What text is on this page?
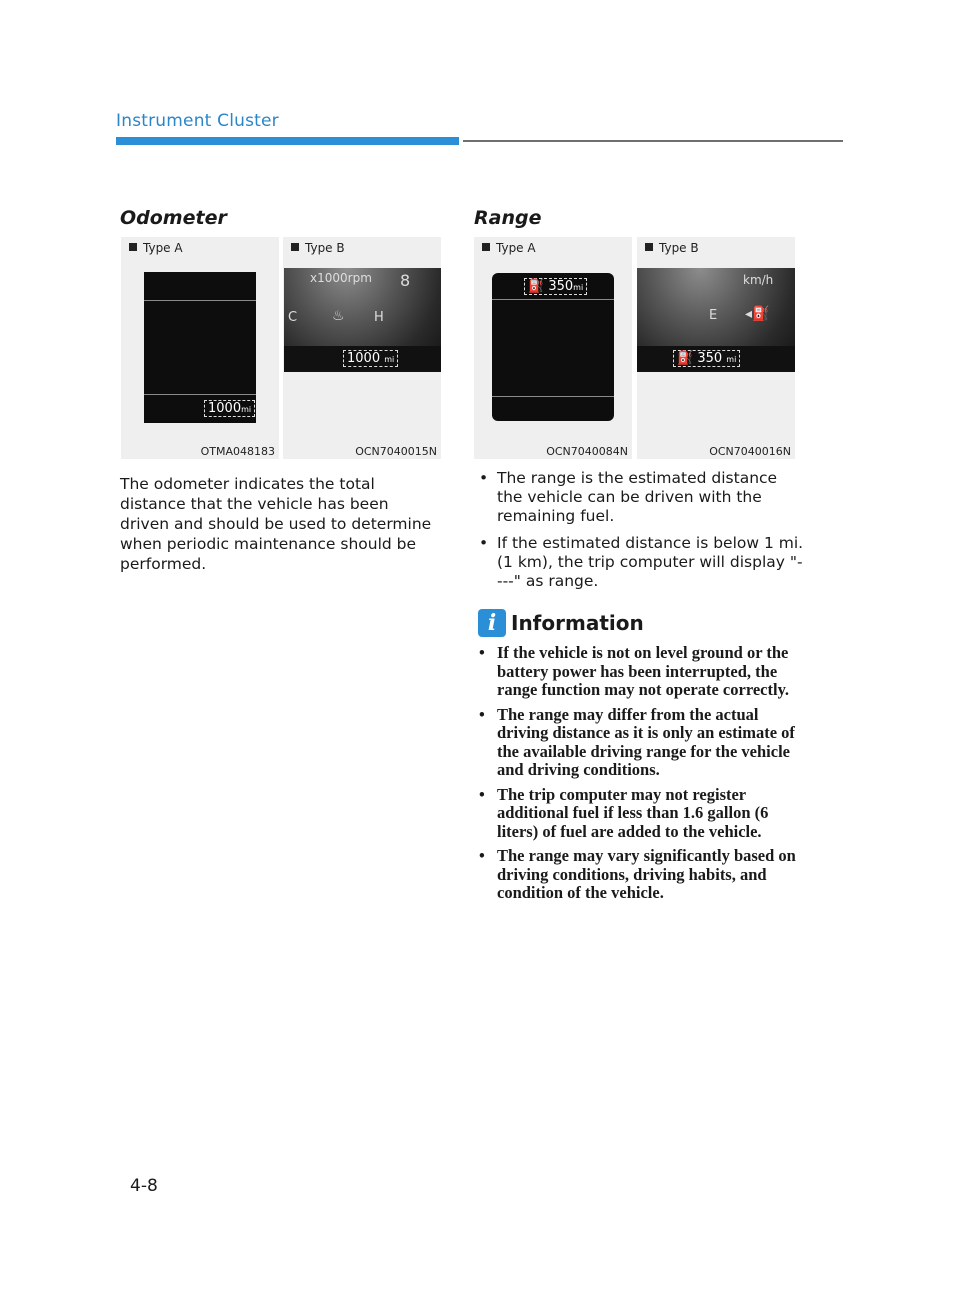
Instrument Cluster
Odometer
Type A
1000mi
OTMA048183
Type B
x1000rpm 8
C	H
♨
1000 mi
OCN7040015N
The odometer indicates the total distance that the vehicle has been driven and should be used to determine when periodic maintenance should be performed.
Range
Type A
⛽ 350mi
OCN7040084N
Type B
km/h
E ◂⛽
⛽ 350 mi
OCN7040016N
• The range is the estimated distance the vehicle can be driven with the remaining fuel.
• If the estimated distance is below 1 mi. (1 km), the trip computer will display "----" as range.
i Information
• If the vehicle is not on level ground or the battery power has been interrupted, the range function may not operate correctly.
• The range may differ from the actual driving distance as it is only an estimate of the available driving range for the vehicle and driving conditions.
• The trip computer may not register additional fuel if less than 1.6 gallon (6 liters) of fuel are added to the vehicle.
• The range may vary significantly based on driving conditions, driving habits, and condition of the vehicle.
4-8
